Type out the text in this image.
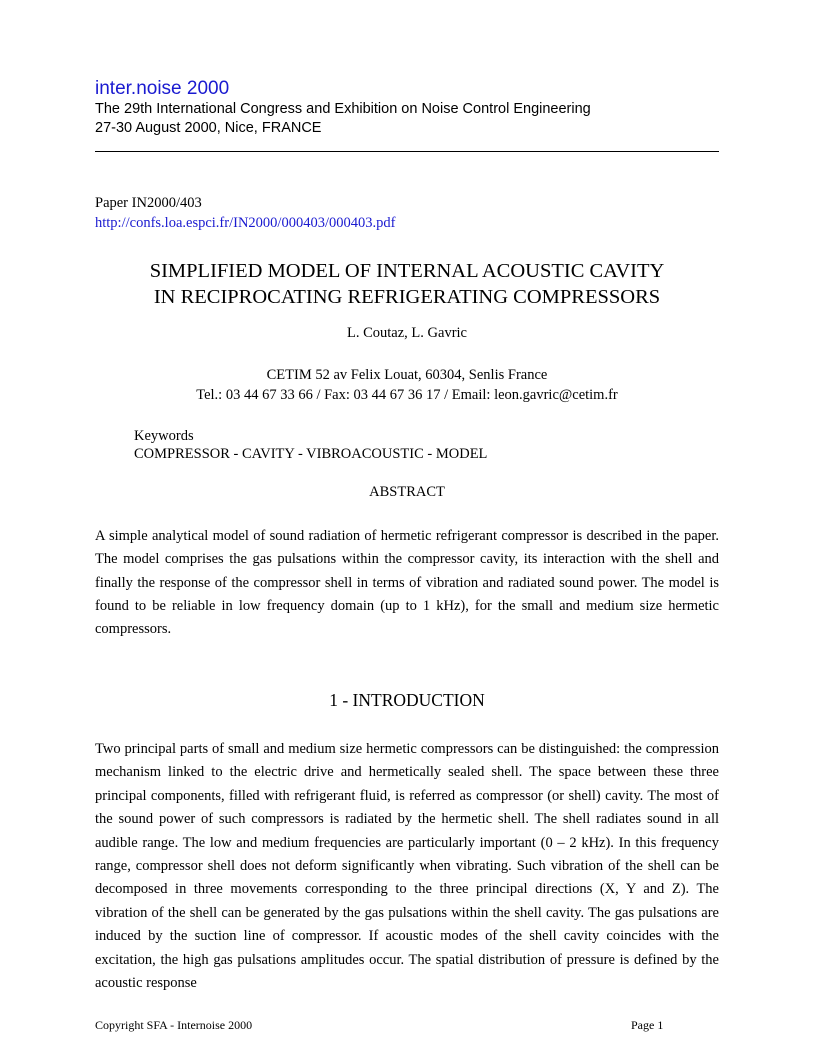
inter.noise 2000
The 29th International Congress and Exhibition on Noise Control Engineering
27-30 August 2000, Nice, FRANCE
Paper IN2000/403
http://confs.loa.espci.fr/IN2000/000403/000403.pdf
SIMPLIFIED MODEL OF INTERNAL ACOUSTIC CAVITY
IN RECIPROCATING REFRIGERATING COMPRESSORS
L. Coutaz, L. Gavric
CETIM 52 av Felix Louat, 60304, Senlis France
Tel.: 03 44 67 33 66 / Fax: 03 44 67 36 17 / Email: leon.gavric@cetim.fr
Keywords
COMPRESSOR - CAVITY - VIBROACOUSTIC - MODEL
ABSTRACT
A simple analytical model of sound radiation of hermetic refrigerant compressor is described in the paper. The model comprises the gas pulsations within the compressor cavity, its interaction with the shell and finally the response of the compressor shell in terms of vibration and radiated sound power. The model is found to be reliable in low frequency domain (up to 1 kHz), for the small and medium size hermetic compressors.
1 - INTRODUCTION
Two principal parts of small and medium size hermetic compressors can be distinguished: the compression mechanism linked to the electric drive and hermetically sealed shell. The space between these three principal components, filled with refrigerant fluid, is referred as compressor (or shell) cavity. The most of the sound power of such compressors is radiated by the hermetic shell. The shell radiates sound in all audible range. The low and medium frequencies are particularly important (0 – 2 kHz). In this frequency range, compressor shell does not deform significantly when vibrating. Such vibration of the shell can be decomposed in three movements corresponding to the three principal directions (X, Y and Z). The vibration of the shell can be generated by the gas pulsations within the shell cavity. The gas pulsations are induced by the suction line of compressor. If acoustic modes of the shell cavity coincides with the excitation, the high gas pulsations amplitudes occur. The spatial distribution of pressure is defined by the acoustic response
Copyright SFA - Internoise 2000	Page 1
